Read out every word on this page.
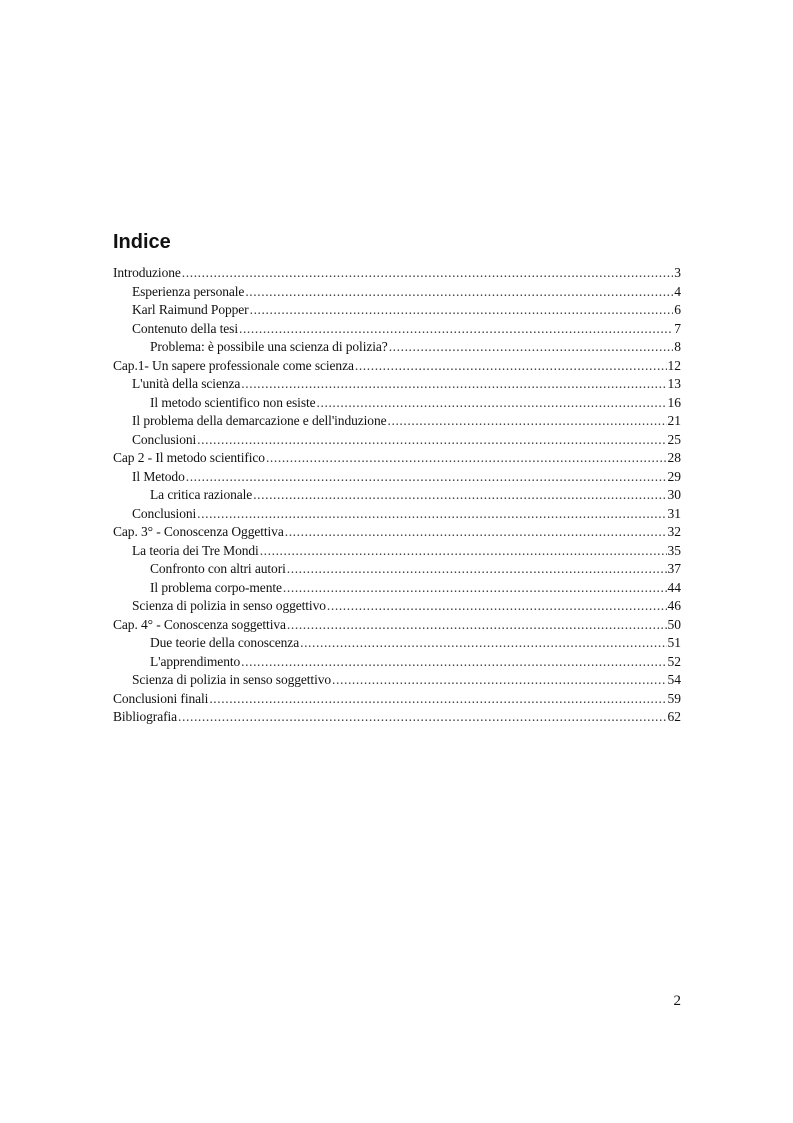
Indice
Introduzione .....	3
Esperienza personale .....	4
Karl Raimund Popper .....	6
Contenuto della tesi .....	7
Problema: è possibile una scienza di polizia? .....	8
Cap.1- Un sapere professionale come scienza .....	12
L'unità della scienza .....	13
Il metodo scientifico non esiste .....	16
Il problema della demarcazione e dell'induzione .....	21
Conclusioni .....	25
Cap 2 - Il metodo scientifico .....	28
Il Metodo .....	29
La critica razionale .....	30
Conclusioni .....	31
Cap. 3° - Conoscenza Oggettiva .....	32
La teoria dei Tre Mondi .....	35
Confronto con altri autori .....	37
Il problema corpo-mente .....	44
Scienza di polizia in senso oggettivo .....	46
Cap. 4° - Conoscenza soggettiva .....	50
Due teorie della conoscenza .....	51
L'apprendimento .....	52
Scienza di polizia in senso soggettivo .....	54
Conclusioni finali .....	59
Bibliografia .....	62
2
